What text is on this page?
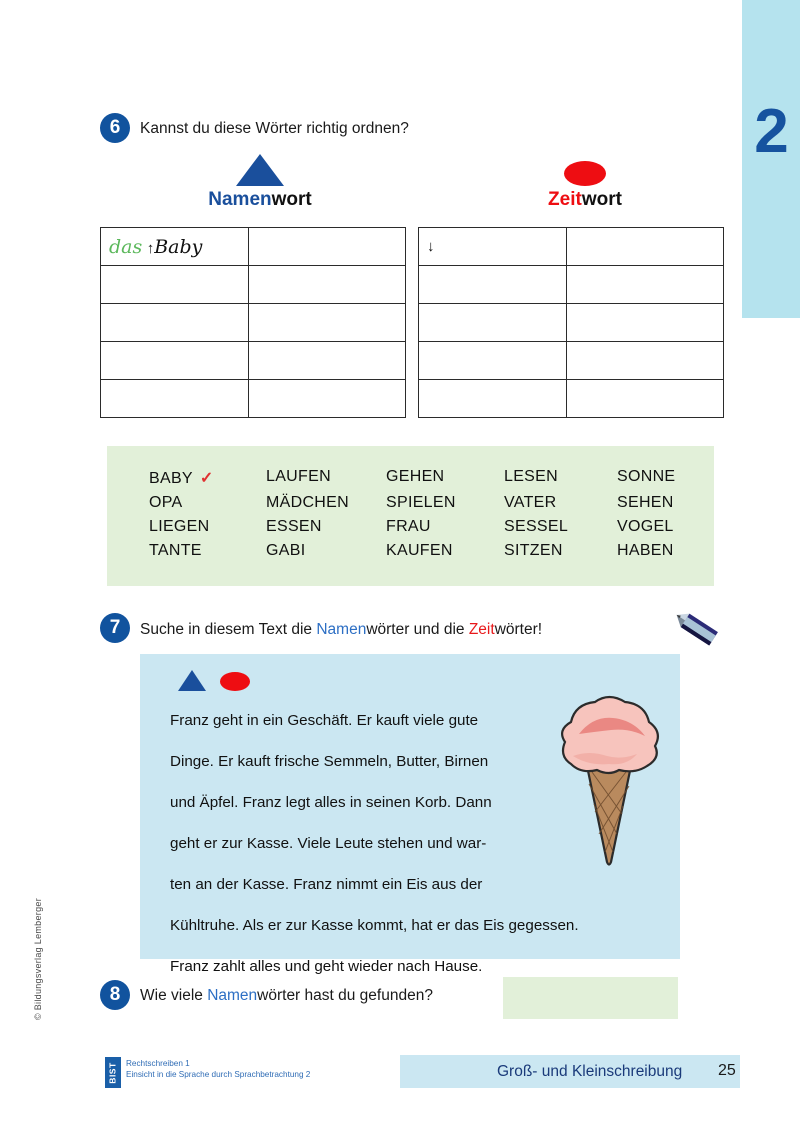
2
6	Kannst du diese Wörter richtig ordnen?
Namenwort	Zeitwort
das ↑Baby	

		↓	

BABY ✓	LAUFEN	GEHEN	LESEN	SONNE
OPA	MÄDCHEN	SPIELEN	VATER	SEHEN
LIEGEN	ESSEN	FRAU	SESSEL	VOGEL
TANTE	GABI	KAUFEN	SITZEN	HABEN
7	Suche in diesem Text die Namenwörter und die Zeitwörter!
Franz geht in ein Geschäft. Er kauft viele gute
Dinge. Er kauft frische Semmeln, Butter, Birnen
und Äpfel. Franz legt alles in seinen Korb. Dann
geht er zur Kasse. Viele Leute stehen und war-
ten an der Kasse. Franz nimmt ein Eis aus der
Kühltruhe. Als er zur Kasse kommt, hat er das Eis gegessen.
Franz zahlt alles und geht wieder nach Hause.
8	Wie viele Namenwörter hast du gefunden?
© Bildungsverlag Lemberger
BIST Rechtschreiben 1
Einsicht in die Sprache durch Sprachbetrachtung 2	Groß- und Kleinschreibung 25
